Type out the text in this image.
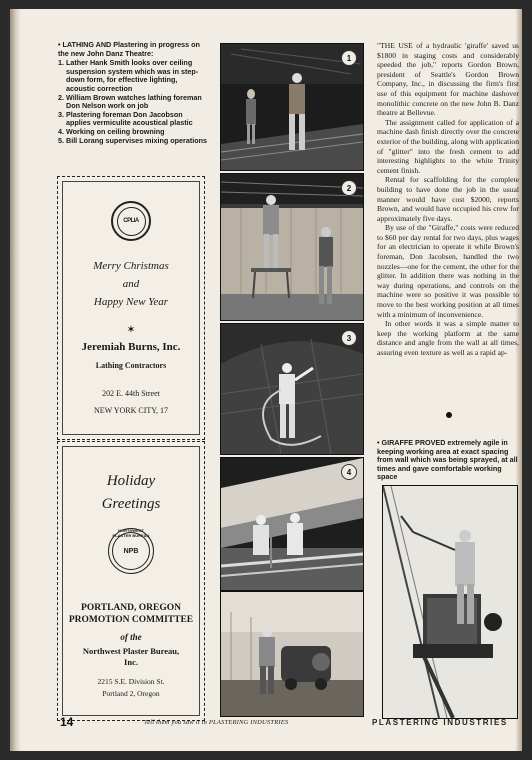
• LATHING AND Plastering in progress on the new John Danz Theatre:

1. Lather Hank Smith looks over ceiling suspension system which was in step-down form, for effective lighting, acoustic correction
2. William Brown watches lathing foreman Don Nelson work on job
3. Plastering foreman Don Jacobson applies vermiculite acoustical plastic
4. Working on ceiling browning
5. Bill Lorang supervises mixing operations
CPLIA
Merry Christmas
and
Happy New Year
✶
Jeremiah Burns, Inc.
Lathing Contractors
202 E. 44th Street
NEW YORK CITY, 17
Holiday
Greetings
NORTHWEST PLASTER BUREAU
NPB
PORTLAND, OREGON
PROMOTION COMMITTEE
of the
Northwest Plaster Bureau,
Inc.
2215 S.E. Division St.
Portland 2, Oregon
1
2
3
4
5

"THE USE of a hydraulic 'giraffe' saved us $1800 in staging costs and considerably speeded the job," reports Gordon Brown, president of Seattle's Gordon Brown Company, Inc., in discussing the firm's first use of this equipment for machine dashover monolithic concrete on the new John B. Danz theatre at Bellevue.

The assignment called for application of a machine dash finish directly over the concrete exterior of the building, along with application of "glitter" into the fresh cement to add interesting highlights to the white Trinity cement finish.

Rental for scaffolding for the complete building to have done the job in the usual manner would have cost $2000, reports Brown, and would have occupied his crew for approximately five days.

By use of the "Giraffe," costs were reduced to $60 per day rental for two days, plus wages for an electrician to operate it while Brown's foreman, Don Jacobsen, handled the two nozzles—one for the cement, the other for the glitter. In addition there was nothing in the way during operations, and controls on the machine were so positive it was possible to move to the best working position at all times with a minimum of inconvenience.

In other words it was a simple matter to keep the working platform at the same distance and angle from the wall at all times, assuring even texture as well as a rapid ap-

• GIRAFFE PROVED extremely agile in keeping working area at exact spacing from wall which was being sprayed, at all times and gave comfortable working space
14	Tell them you saw it in PLASTERING INDUSTRIES	PLASTERING INDUSTRIES
